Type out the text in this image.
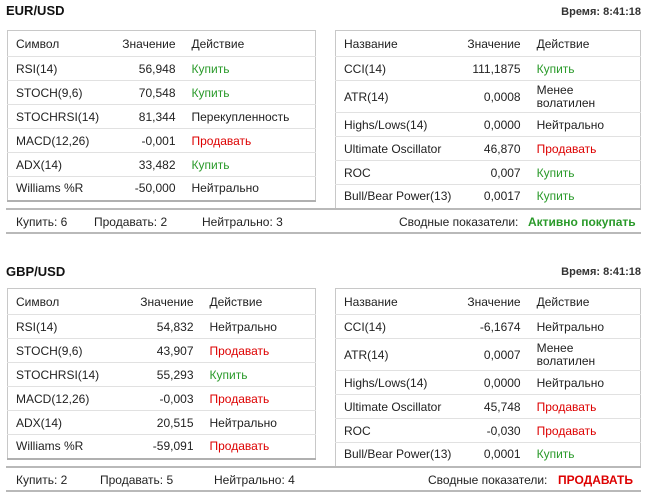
EUR/USD	Время: 8:41:18
Символ	Значение	Действие
RSI(14)	56,948	Купить
STOCH(9,6)	70,548	Купить
STOCHRSI(14)	81,344	Перекупленность
MACD(12,26)	-0,001	Продавать
ADX(14)	33,482	Купить
Williams %R	-50,000	Нейтрально
Название	Значение	Действие
CCI(14)	111,1875	Купить
ATR(14)	0,0008	Менее волатилен
Highs/Lows(14)	0,0000	Нейтрально
Ultimate Oscillator	46,870	Продавать
ROC	0,007	Купить
Bull/Bear Power(13)	0,0017	Купить
Купить: 6 Продавать: 2	Нейтрально: 3	Сводные показатели: Активно покупать
GBP/USD	Время: 8:41:18
Символ	Значение	Действие
RSI(14)	54,832	Нейтрально
STOCH(9,6)	43,907	Продавать
STOCHRSI(14)	55,293	Купить
MACD(12,26)	-0,003	Продавать
ADX(14)	20,515	Нейтрально
Williams %R	-59,091	Продавать
Название	Значение	Действие
CCI(14)	-6,1674	Нейтрально
ATR(14)	0,0007	Менее волатилен
Highs/Lows(14)	0,0000	Нейтрально
Ultimate Oscillator	45,748	Продавать
ROC	-0,030	Продавать
Bull/Bear Power(13)	0,0001	Купить
Купить: 2	Продавать: 5	Нейтрально: 4	Сводные показатели: ПРОДАВАТЬ
